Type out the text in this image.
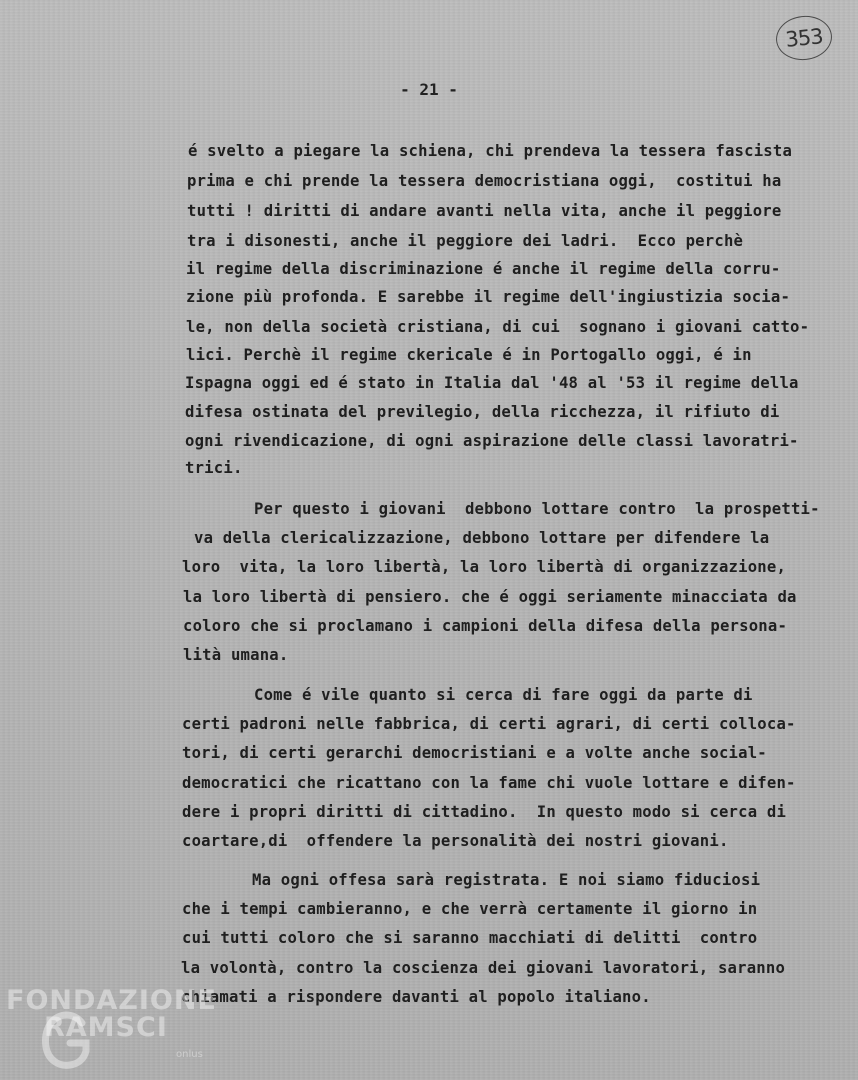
353
- 21 -
é svelto a piegare la schiena, chi prendeva la tessera fascista
prima e chi prende la tessera democristiana oggi,  costitui ha
tutti ! diritti di andare avanti nella vita, anche il peggiore
tra i disonesti, anche il peggiore dei ladri.  Ecco perchè
il regime della discriminazione é anche il regime della corru-
zione più profonda. E sarebbe il regime dell'ingiustizia socia-
le, non della società cristiana, di cui  sognano i giovani catto-
lici. Perchè il regime ckericale é in Portogallo oggi, é in
Ispagna oggi ed é stato in Italia dal '48 al '53 il regime della
difesa ostinata del previlegio, della ricchezza, il rifiuto di
ogni rivendicazione, di ogni aspirazione delle classi lavoratri-
trici.
Per questo i giovani  debbono lottare contro  la prospetti-
va della clericalizzazione, debbono lottare per difendere la
loro  vita, la loro libertà, la loro libertà di organizzazione,
la loro libertà di pensiero. che é oggi seriamente minacciata da
coloro che si proclamano i campioni della difesa della persona-
lità umana.
Come é vile quanto si cerca di fare oggi da parte di
certi padroni nelle fabbrica, di certi agrari, di certi colloca-
tori, di certi gerarchi democristiani e a volte anche social-
democratici che ricattano con la fame chi vuole lottare e difen-
dere i propri diritti di cittadino.  In questo modo si cerca di
coartare,di  offendere la personalità dei nostri giovani.
Ma ogni offesa sarà registrata. E noi siamo fiduciosi
che i tempi cambieranno, e che verrà certamente il giorno in
cui tutti coloro che si saranno macchiati di delitti  contro
la volontà, contro la coscienza dei giovani lavoratori, saranno
chiamati a rispondere davanti al popolo italiano.
FONDAZIONE
RAMSCI
onlus
